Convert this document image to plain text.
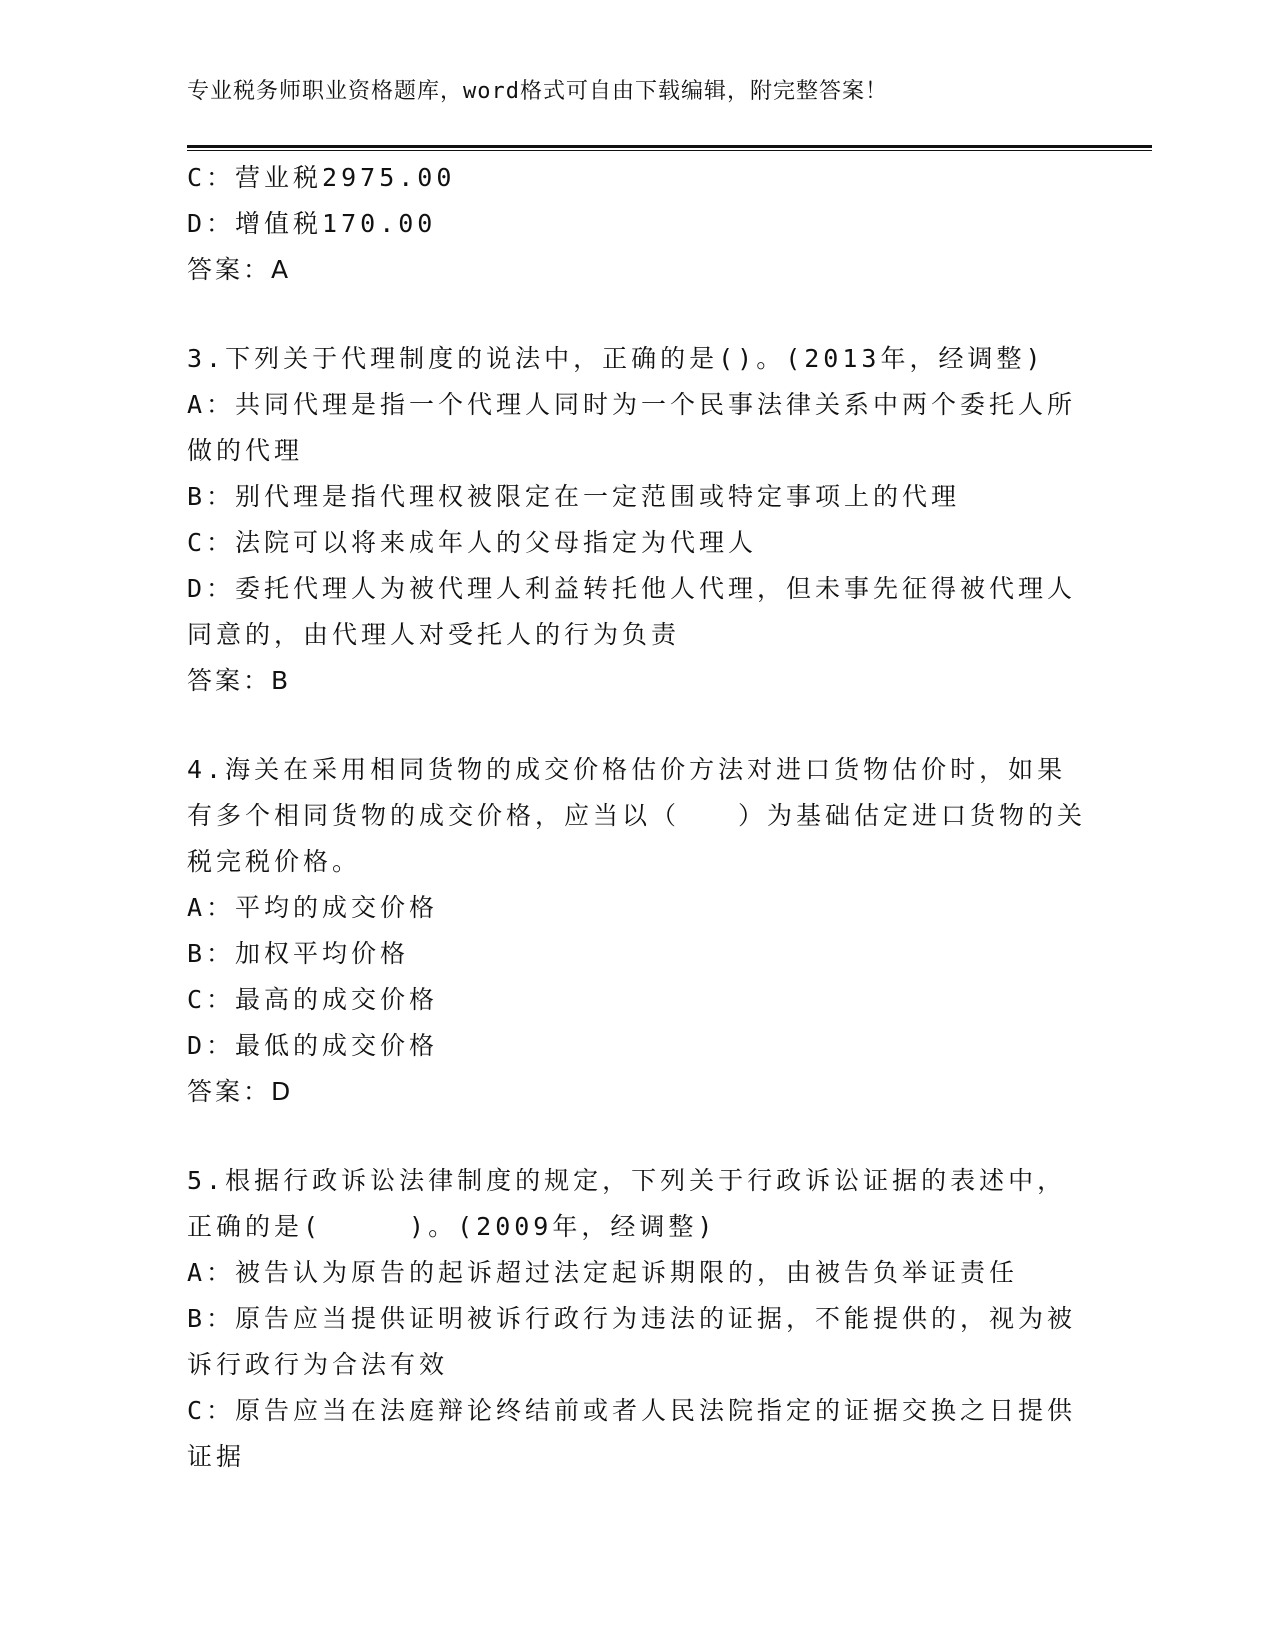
专业税务师职业资格题库，word格式可自由下载编辑，附完整答案！
C：营业税2975.00
D：增值税170.00
答案：A
3.下列关于代理制度的说法中，正确的是()。(2013年，经调整)
A：共同代理是指一个代理人同时为一个民事法律关系中两个委托人所
做的代理
B：别代理是指代理权被限定在一定范围或特定事项上的代理
C：法院可以将来成年人的父母指定为代理人
D：委托代理人为被代理人利益转托他人代理，但未事先征得被代理人
同意的，由代理人对受托人的行为负责
答案：B
4.海关在采用相同货物的成交价格估价方法对进口货物估价时，如果
有多个相同货物的成交价格，应当以（　　）为基础估定进口货物的关
税完税价格。
A：平均的成交价格
B：加权平均价格
C：最高的成交价格
D：最低的成交价格
答案：D
5.根据行政诉讼法律制度的规定，下列关于行政诉讼证据的表述中，
正确的是(　　　)。(2009年，经调整)
A：被告认为原告的起诉超过法定起诉期限的，由被告负举证责任
B：原告应当提供证明被诉行政行为违法的证据，不能提供的，视为被
诉行政行为合法有效
C：原告应当在法庭辩论终结前或者人民法院指定的证据交换之日提供
证据
